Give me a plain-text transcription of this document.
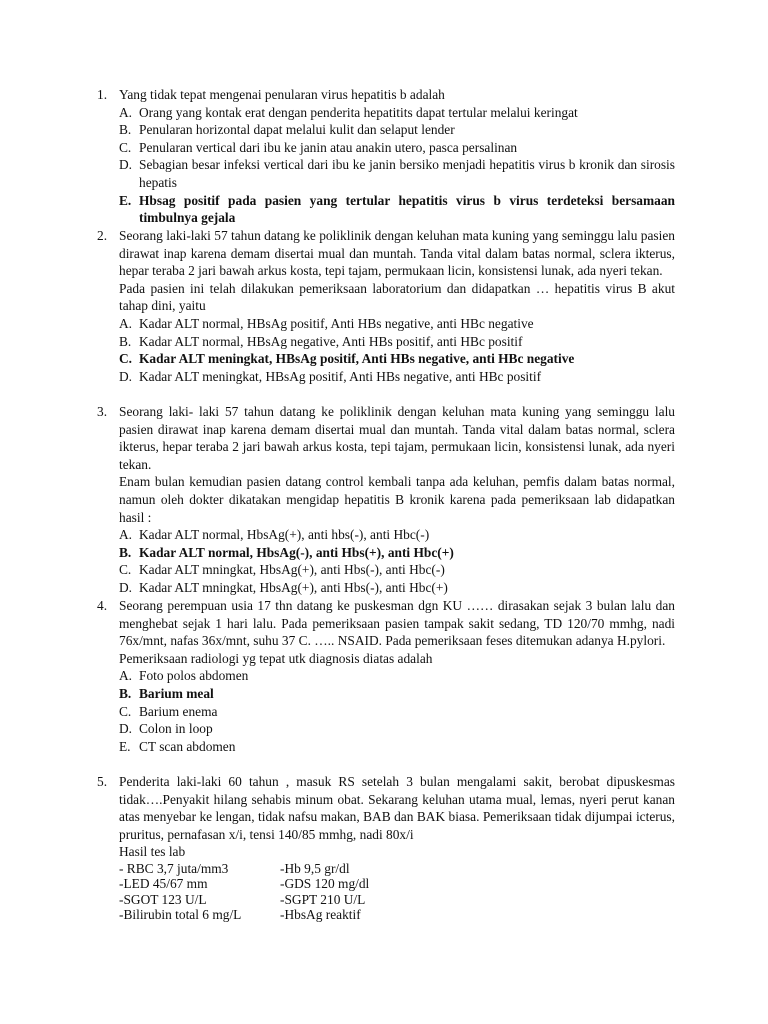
1. Yang tidak tepat mengenai penularan virus hepatitis b adalah

A. Orang yang kontak erat dengan penderita hepatitits dapat tertular melalui keringat
B. Penularan horizontal dapat melalui kulit dan selaput lender
C. Penularan vertical dari ibu ke janin atau anakin utero, pasca persalinan
D. Sebagian besar infeksi vertical dari ibu ke janin bersiko menjadi hepatitis virus b kronik dan sirosis hepatis
E. Hbsag positif pada pasien yang tertular hepatitis virus b virus terdeteksi bersamaan timbulnya gejala
2. Seorang laki-laki 57 tahun datang ke poliklinik dengan keluhan mata kuning yang seminggu lalu pasien dirawat inap karena demam disertai mual dan muntah. Tanda vital dalam batas normal, sclera ikterus, hepar teraba 2 jari bawah arkus kosta, tepi tajam, permukaan licin, konsistensi lunak, ada nyeri tekan.

Pada pasien ini telah dilakukan pemeriksaan laboratorium dan didapatkan … hepatitis virus B akut tahap dini, yaitu

A. Kadar ALT normal, HBsAg positif, Anti HBs negative, anti HBc negative
B. Kadar ALT normal, HBsAg negative, Anti HBs positif, anti HBc positif
C. Kadar ALT meningkat, HBsAg positif, Anti HBs negative, anti HBc negative
D. Kadar ALT meningkat, HBsAg positif, Anti HBs negative, anti HBc positif
3. Seorang laki- laki 57 tahun datang ke poliklinik dengan keluhan mata kuning yang seminggu lalu pasien dirawat inap karena demam disertai mual dan muntah. Tanda vital dalam batas normal, sclera ikterus, hepar teraba 2 jari bawah arkus kosta, tepi tajam, permukaan licin, konsistensi lunak, ada nyeri tekan.

Enam bulan kemudian pasien datang control kembali tanpa ada keluhan, pemfis dalam batas normal, namun oleh dokter dikatakan mengidap hepatitis B kronik karena pada pemeriksaan lab didapatkan hasil :

A. Kadar ALT normal, HbsAg(+), anti hbs(-), anti Hbc(-)
B. Kadar ALT normal, HbsAg(-), anti Hbs(+), anti Hbc(+)
C. Kadar ALT mningkat, HbsAg(+), anti Hbs(-), anti Hbc(-)
D. Kadar ALT mningkat, HbsAg(+), anti Hbs(-), anti Hbc(+)
4. Seorang perempuan usia 17 thn datang ke puskesman dgn KU …… dirasakan sejak 3 bulan lalu dan menghebat sejak 1 hari lalu. Pada pemeriksaan pasien tampak sakit sedang, TD 120/70 mmhg, nadi 76x/mnt, nafas 36x/mnt, suhu 37 C. ….. NSAID. Pada pemeriksaan feses ditemukan adanya H.pylori.

Pemeriksaan radiologi yg tepat utk diagnosis diatas adalah

A. Foto polos abdomen
B. Barium meal
C. Barium enema
D. Colon in loop
E. CT scan abdomen
5. Penderita laki-laki 60 tahun , masuk RS setelah 3 bulan mengalami sakit, berobat dipuskesmas tidak….Penyakit hilang sehabis minum obat. Sekarang keluhan utama mual, lemas, nyeri perut kanan atas menyebar ke lengan, tidak nafsu makan, BAB dan BAK biasa. Pemeriksaan tidak dijumpai icterus, pruritus, pernafasan x/i, tensi 140/85 mmhg, nadi 80x/i

Hasil tes lab

- RBC 3,7 juta/mm3	-Hb 9,5 gr/dl
-LED 45/67 mm	-GDS 120 mg/dl
-SGOT 123 U/L	-SGPT 210 U/L
-Bilirubin total 6 mg/L	-HbsAg reaktif
